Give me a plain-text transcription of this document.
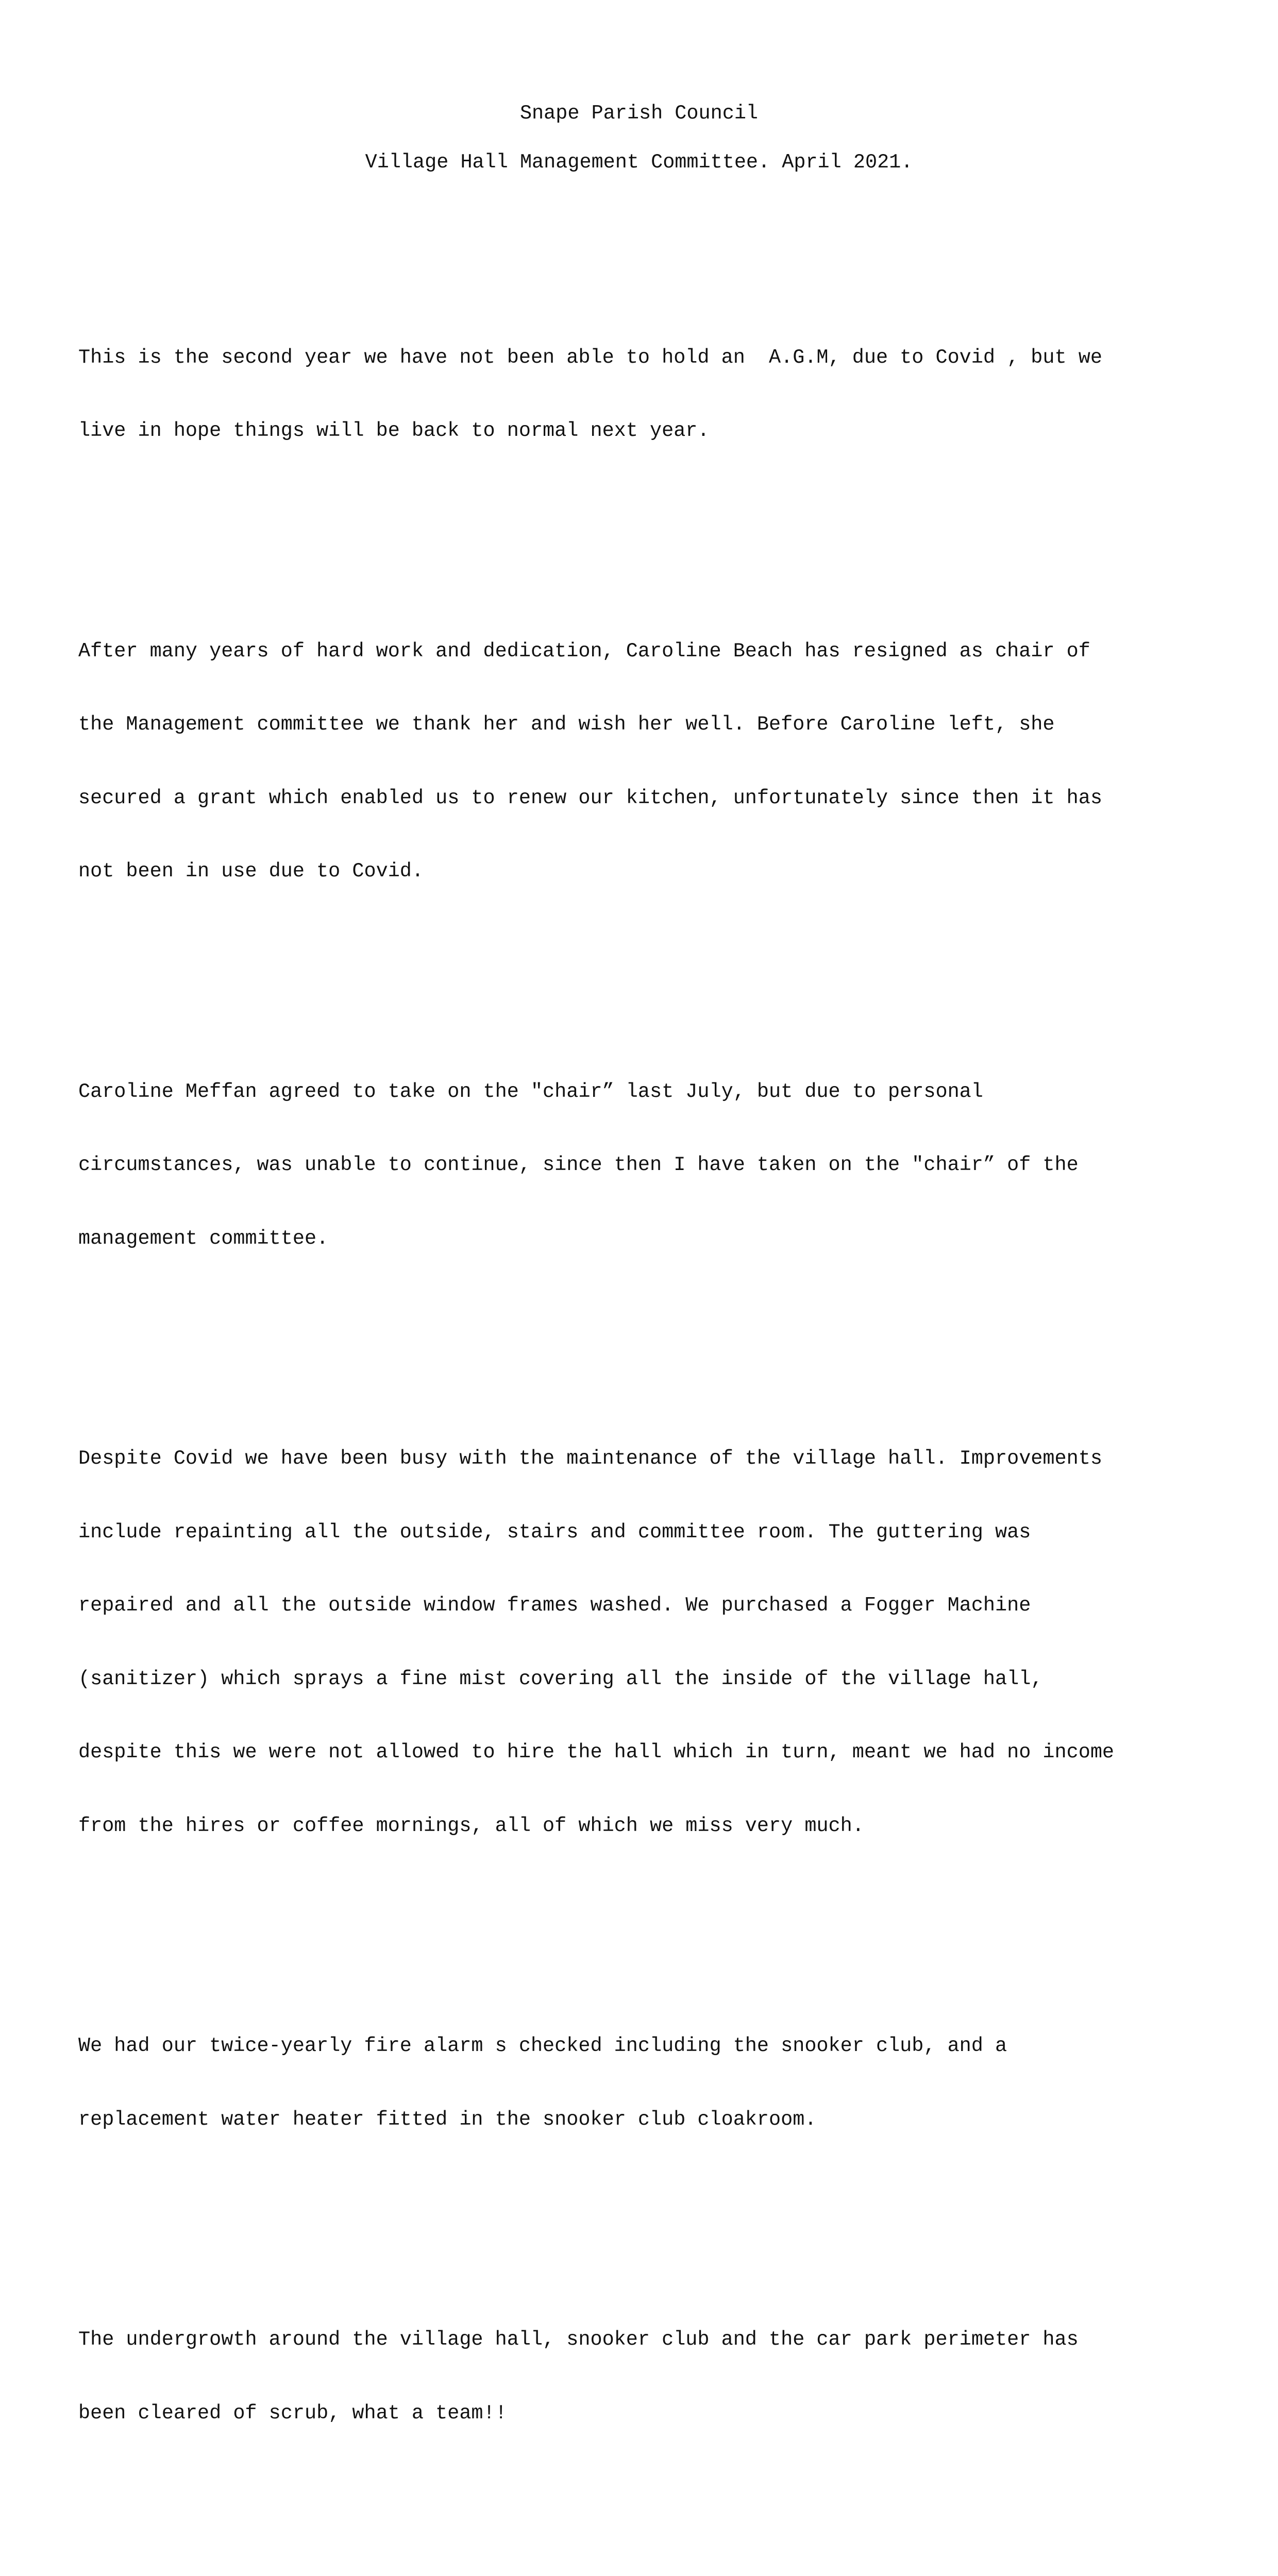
Snape Parish Council
Village Hall Management Committee. April 2021.

This is the second year we have not been able to hold an  A.G.M, due to Covid , but we

live in hope things will be back to normal next year.

After many years of hard work and dedication, Caroline Beach has resigned as chair of

the Management committee we thank her and wish her well. Before Caroline left, she

secured a grant which enabled us to renew our kitchen, unfortunately since then it has

not been in use due to Covid.

Caroline Meffan agreed to take on the "chair” last July, but due to personal

circumstances, was unable to continue, since then I have taken on the "chair” of the

management committee.

Despite Covid we have been busy with the maintenance of the village hall. Improvements

include repainting all the outside, stairs and committee room. The guttering was

repaired and all the outside window frames washed. We purchased a Fogger Machine

(sanitizer) which sprays a fine mist covering all the inside of the village hall,

despite this we were not allowed to hire the hall which in turn, meant we had no income

from the hires or coffee mornings, all of which we miss very much.

We had our twice-yearly fire alarm s checked including the snooker club, and a

replacement water heater fitted in the snooker club cloakroom.

The undergrowth around the village hall, snooker club and the car park perimeter has

been cleared of scrub, what a team!!
